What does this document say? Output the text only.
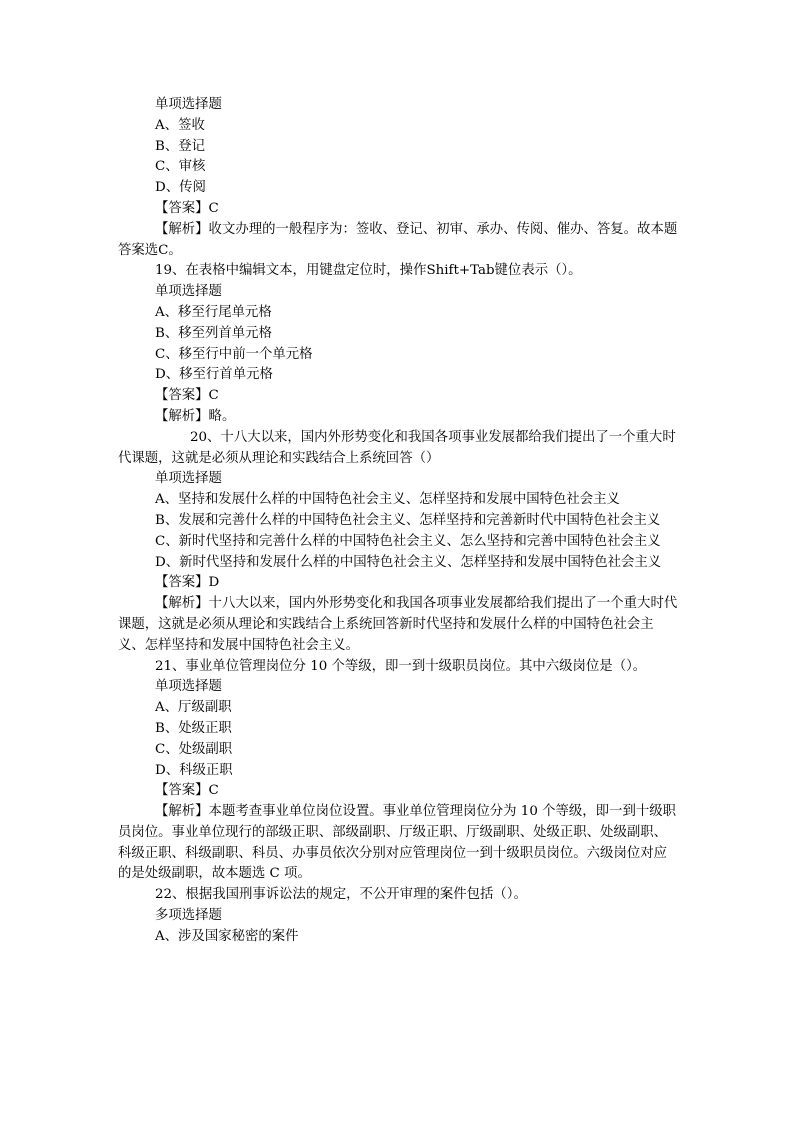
单项选择题

A、签收

B、登记

C、审核

D、传阅

【答案】C

【解析】收文办理的一般程序为：签收、登记、初审、承办、传阅、催办、答复。故本题答案选C。

19、在表格中编辑文本，用键盘定位时，操作Shift+Tab键位表示（）。

单项选择题

A、移至行尾单元格

B、移至列首单元格

C、移至行中前一个单元格

D、移至行首单元格

【答案】C

【解析】略。

20、十八大以来，国内外形势变化和我国各项事业发展都给我们提出了一个重大时代课题，这就是必须从理论和实践结合上系统回答（）

单项选择题

A、坚持和发展什么样的中国特色社会主义、怎样坚持和发展中国特色社会主义

B、发展和完善什么样的中国特色社会主义、怎样坚持和完善新时代中国特色社会主义

C、新时代坚持和完善什么样的中国特色社会主义、怎么坚持和完善中国特色社会主义

D、新时代坚持和发展什么样的中国特色社会主义、怎样坚持和发展中国特色社会主义

【答案】D

【解析】十八大以来，国内外形势变化和我国各项事业发展都给我们提出了一个重大时代课题，这就是必须从理论和实践结合上系统回答新时代坚持和发展什么样的中国特色社会主义、怎样坚持和发展中国特色社会主义。

21、事业单位管理岗位分 10 个等级，即一到十级职员岗位。其中六级岗位是（）。

单项选择题

A、厅级副职

B、处级正职

C、处级副职

D、科级正职

【答案】C

【解析】本题考查事业单位岗位设置。事业单位管理岗位分为 10 个等级，即一到十级职员岗位。事业单位现行的部级正职、部级副职、厅级正职、厅级副职、处级正职、处级副职、科级正职、科级副职、科员、办事员依次分别对应管理岗位一到十级职员岗位。六级岗位对应的是处级副职，故本题选 C 项。

22、根据我国刑事诉讼法的规定，不公开审理的案件包括（）。

多项选择题

A、涉及国家秘密的案件
